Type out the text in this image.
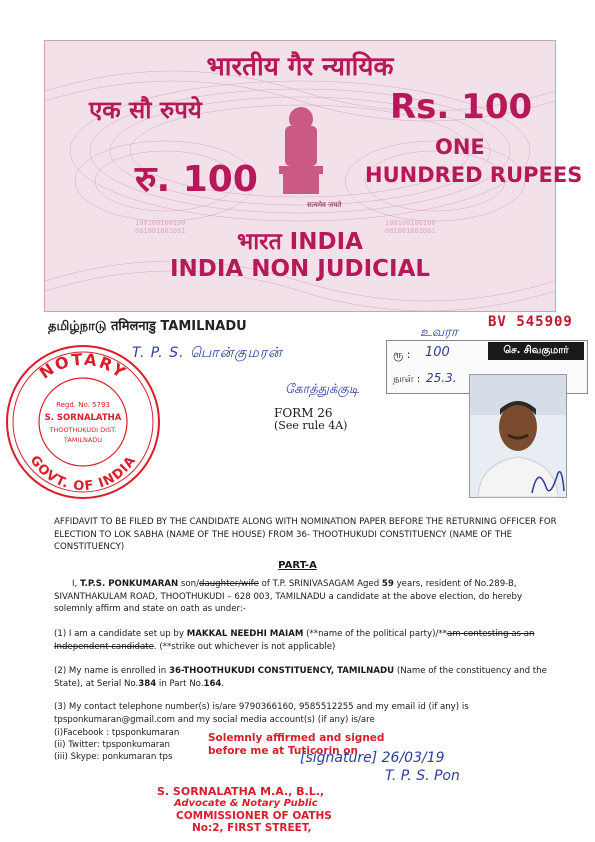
100100100100
001001001001
100100100100
001001001001
भारतीय गैर न्यायिक
एक सौ रुपये	Rs. 100
रु. 100
ONE
HUNDRED RUPEES
सत्यमेव जयते
भारत INDIA
INDIA NON JUDICIAL
தமிழ்நாடு तमिलनाडु TAMILNADU	BV 545909
உவரா
T. P. S. பொன்குமரன்
கோத்துக்குடி
ரூ : 100	செ. சிவகுமார்
நாள் : 25.3.
FORM 26
(See rule 4A)
NOTARY
GOVT. OF INDIA
Regd. No. 5793
S. SORNALATHA
THOOTHUKUDI DIST.
TAMILNADU
AFFIDAVIT TO BE FILED BY THE CANDIDATE ALONG WITH NOMINATION PAPER BEFORE THE RETURNING OFFICER FOR ELECTION TO LOK SABHA (NAME OF THE HOUSE) FROM 36- THOOTHUKUDI CONSTITUENCY (NAME OF THE CONSTITUENCY)
PART-A
I, T.P.S. PONKUMARAN son/daughter/wife of T.P. SRINIVASAGAM Aged 59 years, resident of No.289-B, SIVANTHAKULAM ROAD, THOOTHUKUDI – 628 003, TAMILNADU a candidate at the above election, do hereby solemnly affirm and state on oath as under:-
(1) I am a candidate set up by MAKKAL NEEDHI MAIAM (**name of the political party)/**am contesting as an Independent candidate. (**strike out whichever is not applicable)
(2) My name is enrolled in 36-THOOTHUKUDI CONSTITUENCY, TAMILNADU (Name of the constituency and the State), at Serial No.384 in Part No.164.
(3) My contact telephone number(s) is/are 9790366160, 9585512255 and my email id (if any) is tpsponkumaran@gmail.com and my social media account(s) (if any) is/are
(i)Facebook : tpsponkumaran
(ii) Twitter: tpsponkumaran
(iii) Skype: ponkumaran tps
Solemnly affirmed and signed
before me at Tuticorin on
[signature] 26/03/19
T. P. S. Pon
S. SORNALATHA M.A., B.L.,
Advocate & Notary Public
COMMISSIONER OF OATHS
No:2, FIRST STREET,
